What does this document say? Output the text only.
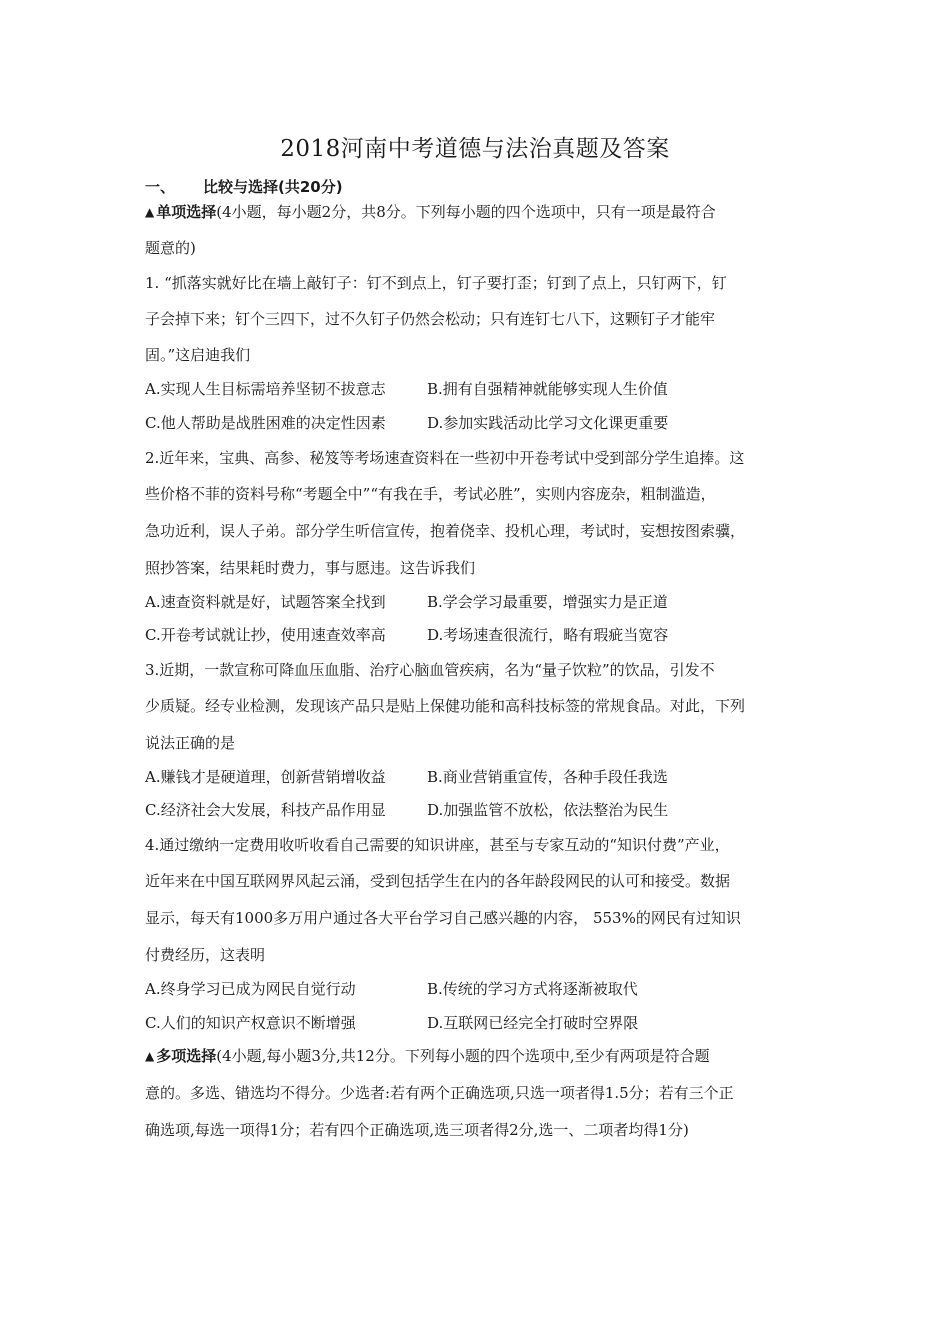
2018河南中考道德与法治真题及答案
一、 比较与选择(共20分)
▲ 单项选择(4小题，每小题2分，共8分。下列每小题的四个选项中，只有一项是最符合
题意的)
1. “抓落实就好比在墙上敲钉子：钉不到点上，钉子要打歪；钉到了点上，只钉两下，钉
子会掉下来；钉个三四下，过不久钉子仍然会松动；只有连钉七八下，这颗钉子才能牢
固。”这启迪我们
A.实现人生目标需培养坚韧不拔意志	B.拥有自强精神就能够实现人生价值
C.他人帮助是战胜困难的决定性因素	D.参加实践活动比学习文化课更重要
2.近年来，宝典、高参、秘笈等考场速查资料在一些初中开卷考试中受到部分学生追捧。这
些价格不菲的资料号称“考题全中”“有我在手，考试必胜”，实则内容庞杂，粗制滥造，
急功近利，误人子弟。部分学生听信宣传，抱着侥幸、投机心理，考试时，妄想按图索骥，
照抄答案，结果耗时费力，事与愿违。这告诉我们
A.速查资料就是好，试题答案全找到	B.学会学习最重要，增强实力是正道
C.开卷考试就让抄，使用速查效率高	D.考场速查很流行，略有瑕疵当宽容
3.近期，一款宣称可降血压血脂、治疗心脑血管疾病，名为“量子饮粒”的饮品，引发不
少质疑。经专业检测，发现该产品只是贴上保健功能和高科技标签的常规食品。对此，下列
说法正确的是
A.赚钱才是硬道理，创新营销增收益	B.商业营销重宣传，各种手段任我选
C.经济社会大发展，科技产品作用显	D.加强监管不放松，依法整治为民生
4.通过缴纳一定费用收听收看自己需要的知识讲座，甚至与专家互动的“知识付费”产业，
近年来在中国互联网界风起云涌，受到包括学生在内的各年龄段网民的认可和接受。数据
显示，每天有1000多万用户通过各大平台学习自己感兴趣的内容， 553%的网民有过知识
付费经历，这表明
A.终身学习已成为网民自觉行动	B.传统的学习方式将逐渐被取代
C.人们的知识产权意识不断增强	D.互联网已经完全打破时空界限
▲ 多项选择(4小题,每小题3分,共12分。下列每小题的四个选项中,至少有两项是符合题
意的。多选、错选均不得分。少选者:若有两个正确选项,只选一项者得1.5分；若有三个正
确选项,每选一项得1分；若有四个正确选项,选三项者得2分,选一、二项者均得1分)
